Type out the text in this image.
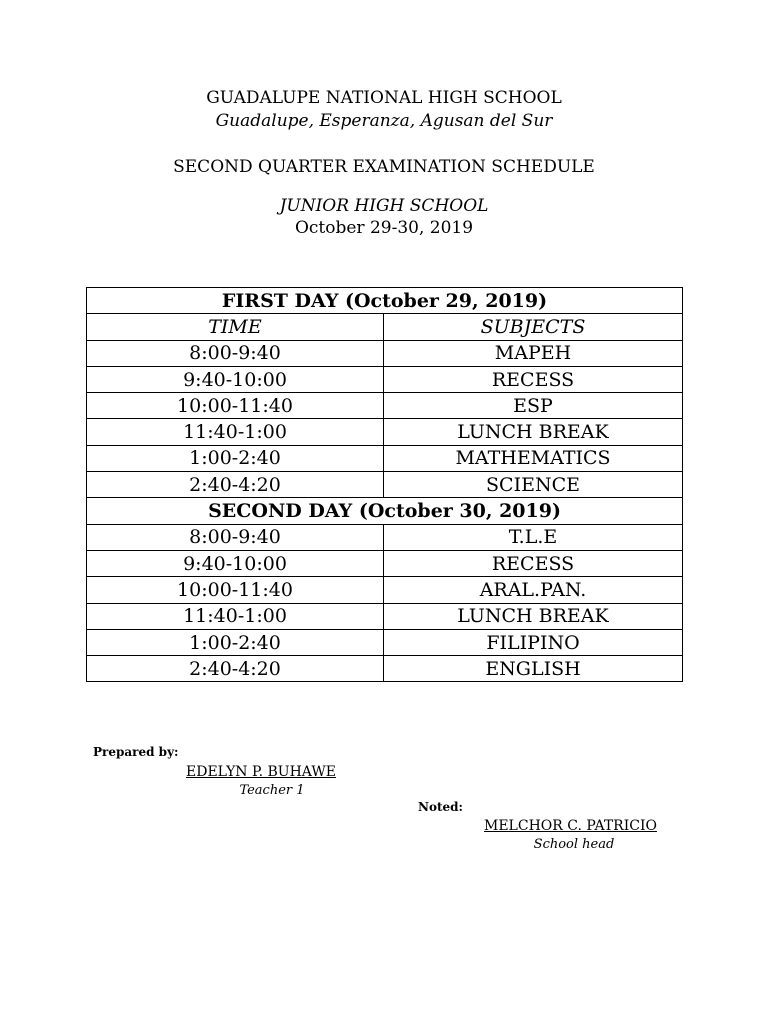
GUADALUPE NATIONAL HIGH SCHOOL
Guadalupe, Esperanza, Agusan del Sur
SECOND QUARTER EXAMINATION SCHEDULE
JUNIOR HIGH SCHOOL
October 29-30, 2019
FIRST DAY (October 29, 2019)	
TIME	SUBJECTS
8:00-9:40	MAPEH
9:40-10:00	RECESS
10:00-11:40	ESP
11:40-1:00	LUNCH BREAK
1:00-2:40	MATHEMATICS
2:40-4:20	SCIENCE
SECOND DAY (October 30, 2019)	
8:00-9:40	T.L.E
9:40-10:00	RECESS
10:00-11:40	ARAL.PAN.
11:40-1:00	LUNCH BREAK
1:00-2:40	FILIPINO
2:40-4:20	ENGLISH
Prepared by:
EDELYN P. BUHAWE
Teacher 1
Noted:
MELCHOR C. PATRICIO
School head
